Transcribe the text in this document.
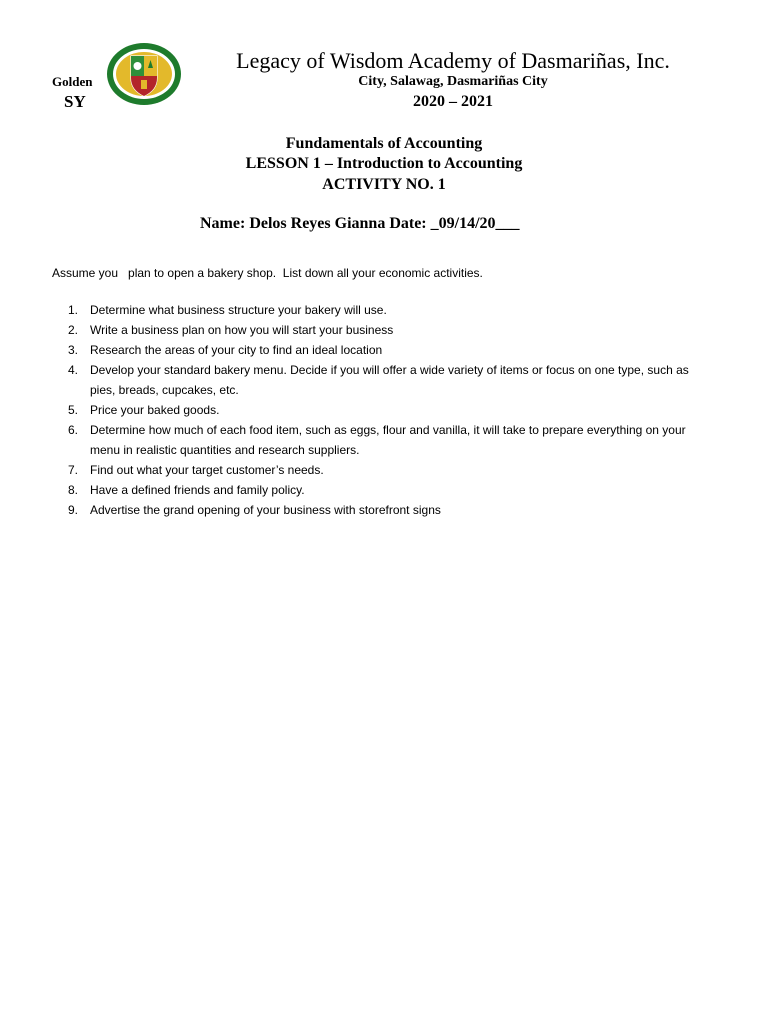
Golden
SY
Legacy of Wisdom Academy of Dasmariñas, Inc.
City, Salawag, Dasmariñas City
2020 – 2021
Fundamentals of Accounting
LESSON 1 – Introduction to Accounting
ACTIVITY NO. 1
Name: Delos Reyes Gianna Date: _09/14/20___
Assume you   plan to open a bakery shop.  List down all your economic activities.
1. Determine what business structure your bakery will use.
2. Write a business plan on how you will start your business
3. Research the areas of your city to find an ideal location
4. Develop your standard bakery menu. Decide if you will offer a wide variety of items or focus on one type, such as pies, breads, cupcakes, etc.
5. Price your baked goods.
6. Determine how much of each food item, such as eggs, flour and vanilla, it will take to prepare everything on your menu in realistic quantities and research suppliers.
7. Find out what your target customer’s needs.
8. Have a defined friends and family policy.
9. Advertise the grand opening of your business with storefront signs
